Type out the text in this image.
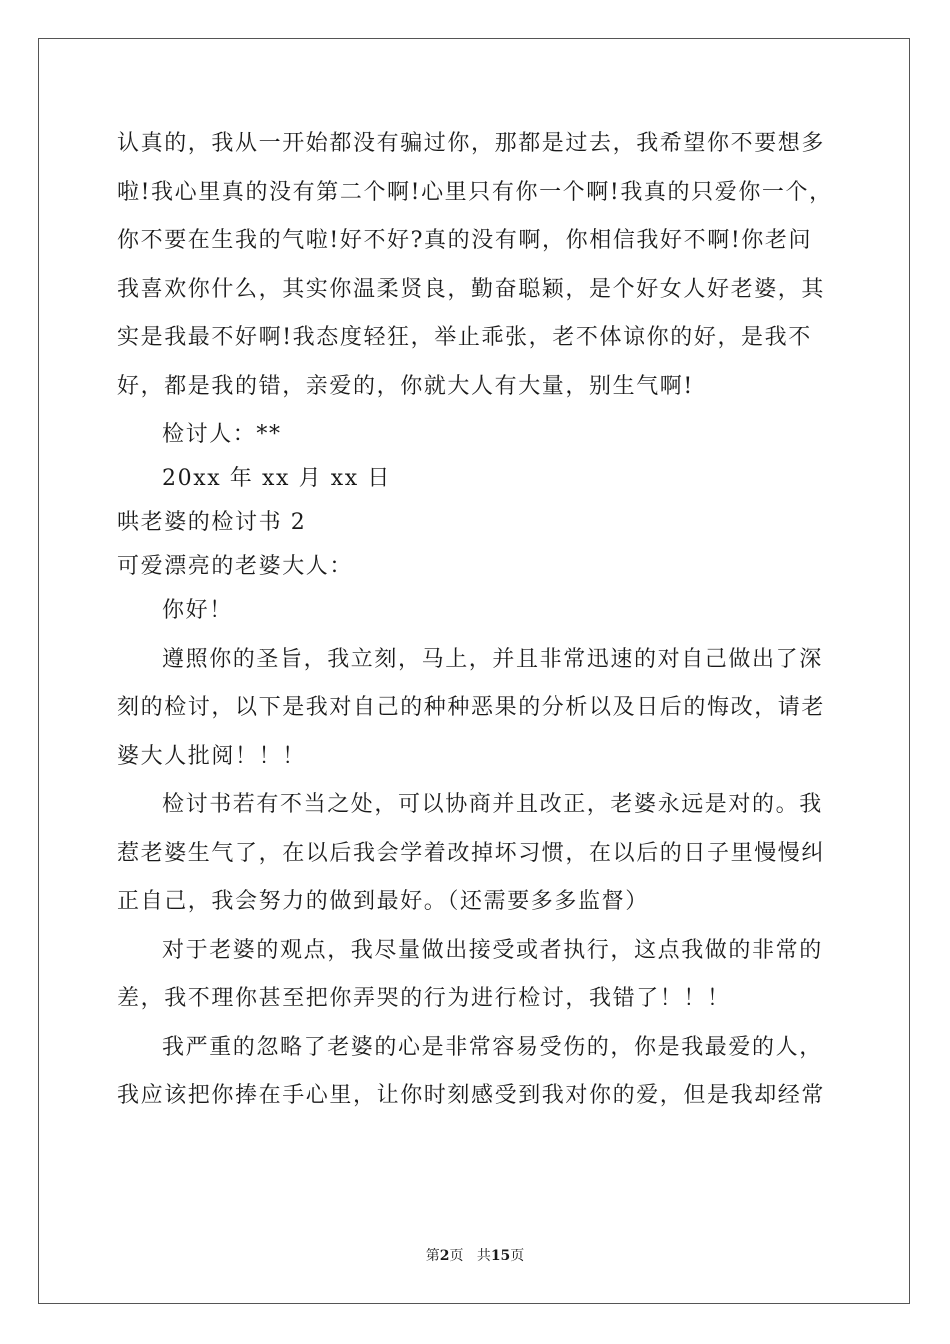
认真的，我从一开始都没有骗过你，那都是过去，我希望你不要想多

啦!我心里真的没有第二个啊!心里只有你一个啊!我真的只爱你一个，

你不要在生我的气啦!好不好?真的没有啊，你相信我好不啊!你老问

我喜欢你什么，其实你温柔贤良，勤奋聪颖，是个好女人好老婆，其

实是我最不好啊!我态度轻狂，举止乖张，老不体谅你的好，是我不

好，都是我的错，亲爱的，你就大人有大量，别生气啊!

检讨人：**

20xx 年 xx 月 xx 日

哄老婆的检讨书 2

可爱漂亮的老婆大人：

你好！

遵照你的圣旨，我立刻，马上，并且非常迅速的对自己做出了深

刻的检讨，以下是我对自己的种种恶果的分析以及日后的悔改，请老

婆大人批阅！！！

检讨书若有不当之处，可以协商并且改正，老婆永远是对的。我

惹老婆生气了，在以后我会学着改掉坏习惯，在以后的日子里慢慢纠

正自己，我会努力的做到最好。（还需要多多监督）

对于老婆的观点，我尽量做出接受或者执行，这点我做的非常的

差，我不理你甚至把你弄哭的行为进行检讨，我错了！！！

我严重的忽略了老婆的心是非常容易受伤的，你是我最爱的人，

我应该把你捧在手心里，让你时刻感受到我对你的爱，但是我却经常

第2页 共15页
